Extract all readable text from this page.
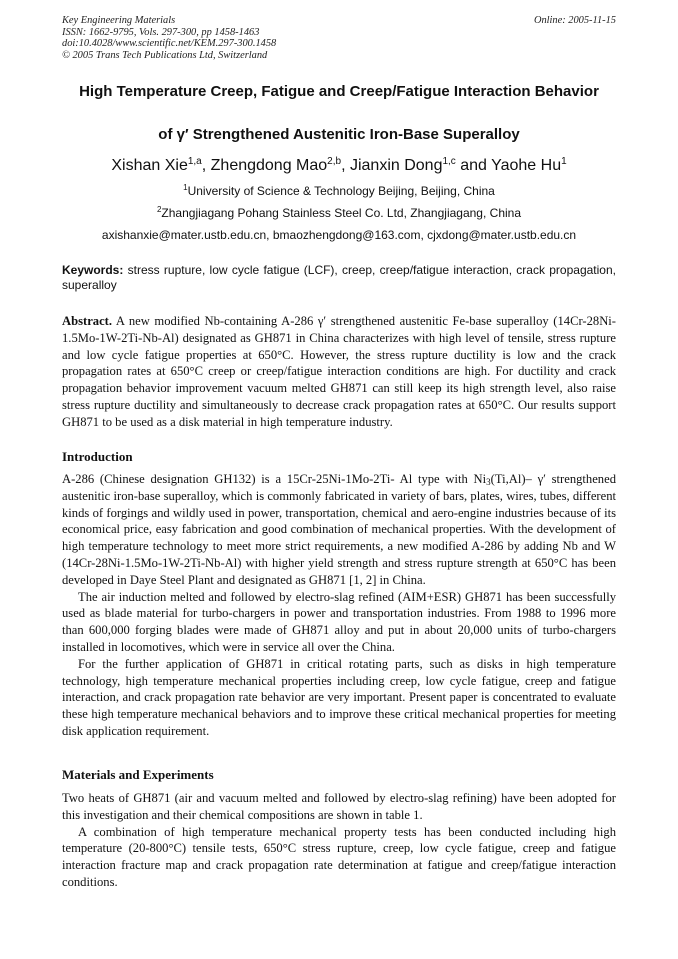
Key Engineering Materials
ISSN: 1662-9795, Vols. 297-300, pp 1458-1463
doi:10.4028/www.scientific.net/KEM.297-300.1458
© 2005 Trans Tech Publications Ltd, Switzerland
Online: 2005-11-15
High Temperature Creep, Fatigue and Creep/Fatigue Interaction Behavior
of γ′ Strengthened Austenitic Iron-Base Superalloy
Xishan Xie$^{1,a}$, Zhengdong Mao$^{2,b}$, Jianxin Dong$^{1,c}$ and Yaohe Hu$^1$
$^1$University of Science & Technology Beijing, Beijing, China
$^2$Zhangjiagang Pohang Stainless Steel Co. Ltd, Zhangjiagang, China
axishanxie@mater.ustb.edu.cn, bmaozhengdong@163.com, cjxdong@mater.ustb.edu.cn
Keywords: stress rupture, low cycle fatigue (LCF), creep, creep/fatigue interaction, crack propagation, superalloy
Abstract. A new modified Nb-containing A-286 γ′ strengthened austenitic Fe-base superalloy (14Cr-28Ni-1.5Mo-1W-2Ti-Nb-Al) designated as GH871 in China characterizes with high level of tensile, stress rupture and low cycle fatigue properties at 650°C. However, the stress rupture ductility is low and the crack propagation rates at 650°C creep or creep/fatigue interaction conditions are high. For ductility and crack propagation behavior improvement vacuum melted GH871 can still keep its high strength level, also raise stress rupture ductility and simultaneously to decrease crack propagation rates at 650°C. Our results support GH871 to be used as a disk material in high temperature industry.
Introduction

A-286 (Chinese designation GH132) is a 15Cr-25Ni-1Mo-2Ti- Al type with $Ni_3(Ti,Al)-$ γ′ strengthened austenitic iron-base superalloy, which is commonly fabricated in variety of bars, plates, wires, tubes, different kinds of forgings and wildly used in power, transportation, chemical and aero-engine industries because of its economical price, easy fabrication and good combination of mechanical properties. With the development of high temperature technology to meet more strict requirements, a new modified A-286 by adding Nb and W (14Cr-28Ni-1.5Mo-1W-2Ti-Nb-Al) with higher yield strength and stress rupture strength at 650°C has been developed in Daye Steel Plant and designated as GH871 [1, 2] in China.

The air induction melted and followed by electro-slag refined (AIM+ESR) GH871 has been successfully used as blade material for turbo-chargers in power and transportation industries. From 1988 to 1996 more than 600,000 forging blades were made of GH871 alloy and put in about 20,000 units of turbo-chargers installed in locomotives, which were in service all over the China.

For the further application of GH871 in critical rotating parts, such as disks in high temperature technology, high temperature mechanical properties including creep, low cycle fatigue, creep and fatigue interaction, and crack propagation rate behavior are very important. Present paper is concentrated to evaluate these high temperature mechanical behaviors and to improve these critical mechanical properties for meeting disk application requirement.

Materials and Experiments

Two heats of GH871 (air and vacuum melted and followed by electro-slag refining) have been adopted for this investigation and their chemical compositions are shown in table 1.

A combination of high temperature mechanical property tests has been conducted including high temperature (20-800°C) tensile tests, 650°C stress rupture, creep, low cycle fatigue, creep and fatigue interaction fracture map and crack propagation rate determination at fatigue and creep/fatigue interaction conditions.
